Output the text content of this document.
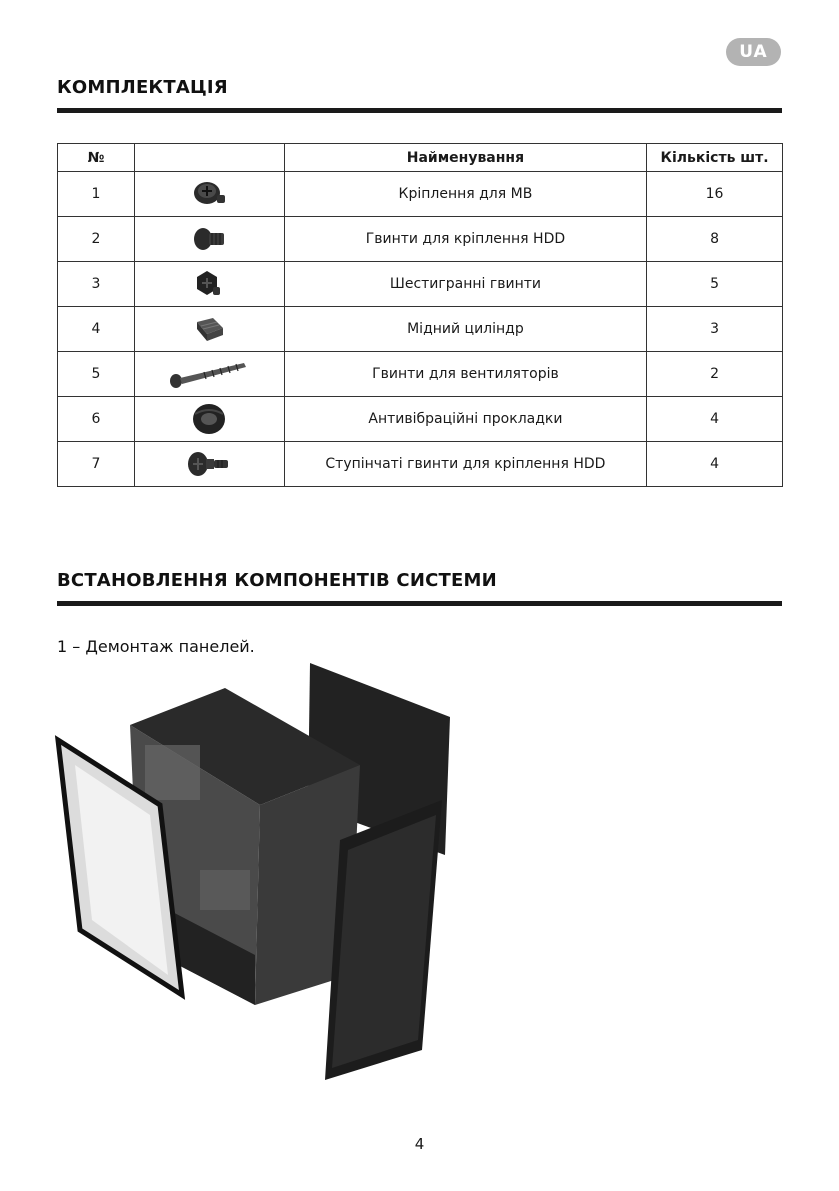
UA
КОМПЛЕКТАЦІЯ
№		Найменування	Кількість шт.
1		Кріплення для MB	16
2		Гвинти для кріплення HDD	8
3		Шестигранні гвинти	5
4		Мідний циліндр	3
5		Гвинти для вентиляторів	2
6		Антивібраційні прокладки	4
7		Ступінчаті гвинти для кріплення HDD	4
ВСТАНОВЛЕННЯ КОМПОНЕНТІВ СИСТЕМИ
1 – Демонтаж панелей.
4
